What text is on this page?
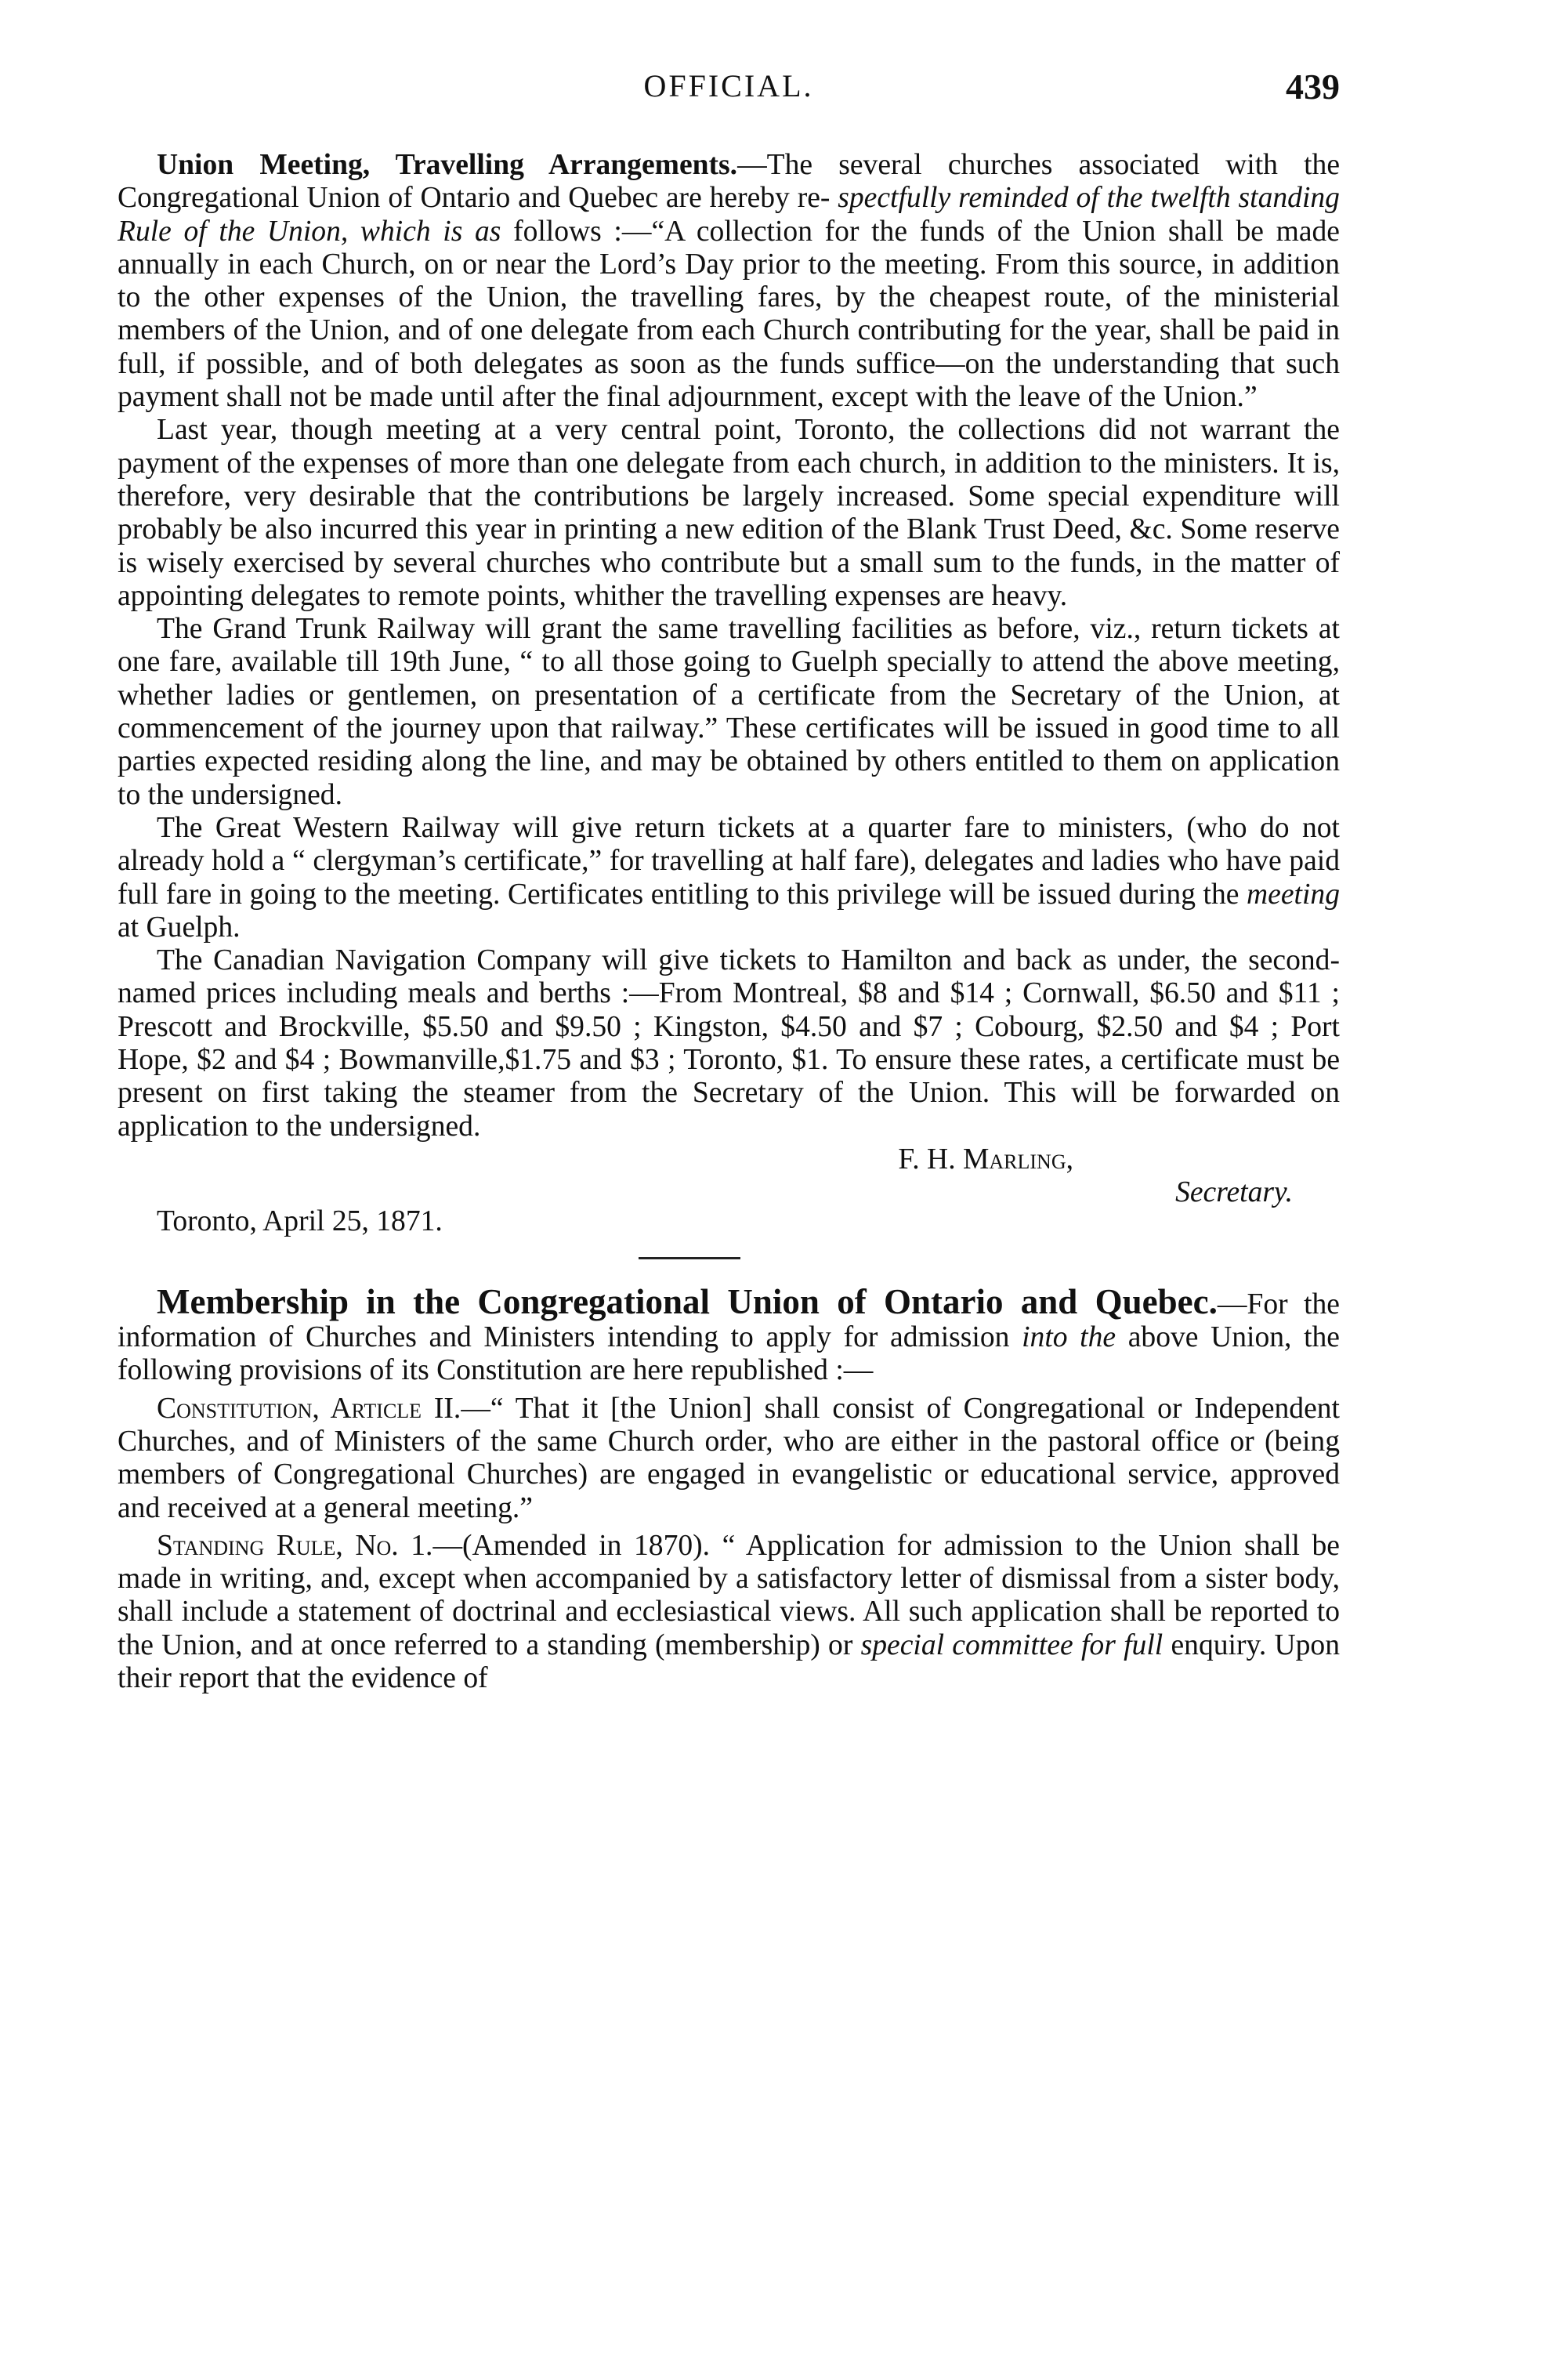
OFFICIAL.	439

Union Meeting, Travelling Arrangements.—The several churches associated with the Congregational Union of Ontario and Quebec are hereby re- spectfully reminded of the twelfth standing Rule of the Union, which is as follows :—“A collection for the funds of the Union shall be made annually in each Church, on or near the Lord’s Day prior to the meeting. From this source, in addition to the other expenses of the Union, the travelling fares, by the cheapest route, of the ministerial members of the Union, and of one delegate from each Church contributing for the year, shall be paid in full, if possible, and of both delegates as soon as the funds suffice—on the understanding that such payment shall not be made until after the final adjournment, except with the leave of the Union.”

Last year, though meeting at a very central point, Toronto, the collections did not warrant the payment of the expenses of more than one delegate from each church, in addition to the ministers. It is, therefore, very desirable that the contributions be largely increased. Some special expenditure will probably be also incurred this year in printing a new edition of the Blank Trust Deed, &c. Some reserve is wisely exercised by several churches who contribute but a small sum to the funds, in the matter of appointing delegates to remote points, whither the travelling expenses are heavy.

The Grand Trunk Railway will grant the same travelling facilities as before, viz., return tickets at one fare, available till 19th June, “ to all those going to Guelph specially to attend the above meeting, whether ladies or gentlemen, on presentation of a certificate from the Secretary of the Union, at commencement of the journey upon that railway.” These certificates will be issued in good time to all parties expected residing along the line, and may be obtained by others entitled to them on application to the undersigned.

The Great Western Railway will give return tickets at a quarter fare to ministers, (who do not already hold a “ clergyman’s certificate,” for travelling at half fare), delegates and ladies who have paid full fare in going to the meeting. Certificates entitling to this privilege will be issued during the meeting at Guelph.

The Canadian Navigation Company will give tickets to Hamilton and back as under, the second-named prices including meals and berths :—From Montreal, $8 and $14 ; Cornwall, $6.50 and $11 ; Prescott and Brockville, $5.50 and $9.50 ; Kingston, $4.50 and $7 ; Cobourg, $2.50 and $4 ; Port Hope, $2 and $4 ; Bowmanville,$1.75 and $3 ; Toronto, $1. To ensure these rates, a certificate must be present on first taking the steamer from the Secretary of the Union. This will be forwarded on application to the undersigned.

F. H. Marling,

Secretary.

Toronto, April 25, 1871.

Membership in the Congregational Union of Ontario and Quebec.—For the information of Churches and Ministers intending to apply for admission into the above Union, the following provisions of its Constitution are here republished :—

Constitution, Article II.—“ That it [the Union] shall consist of Congregational or Independent Churches, and of Ministers of the same Church order, who are either in the pastoral office or (being members of Congregational Churches) are engaged in evangelistic or educational service, approved and received at a general meeting.”

Standing Rule, No. 1.—(Amended in 1870). “ Application for admission to the Union shall be made in writing, and, except when accompanied by a satisfactory letter of dismissal from a sister body, shall include a statement of doctrinal and ecclesiastical views. All such application shall be reported to the Union, and at once referred to a standing (membership) or special committee for full enquiry. Upon their report that the evidence of
